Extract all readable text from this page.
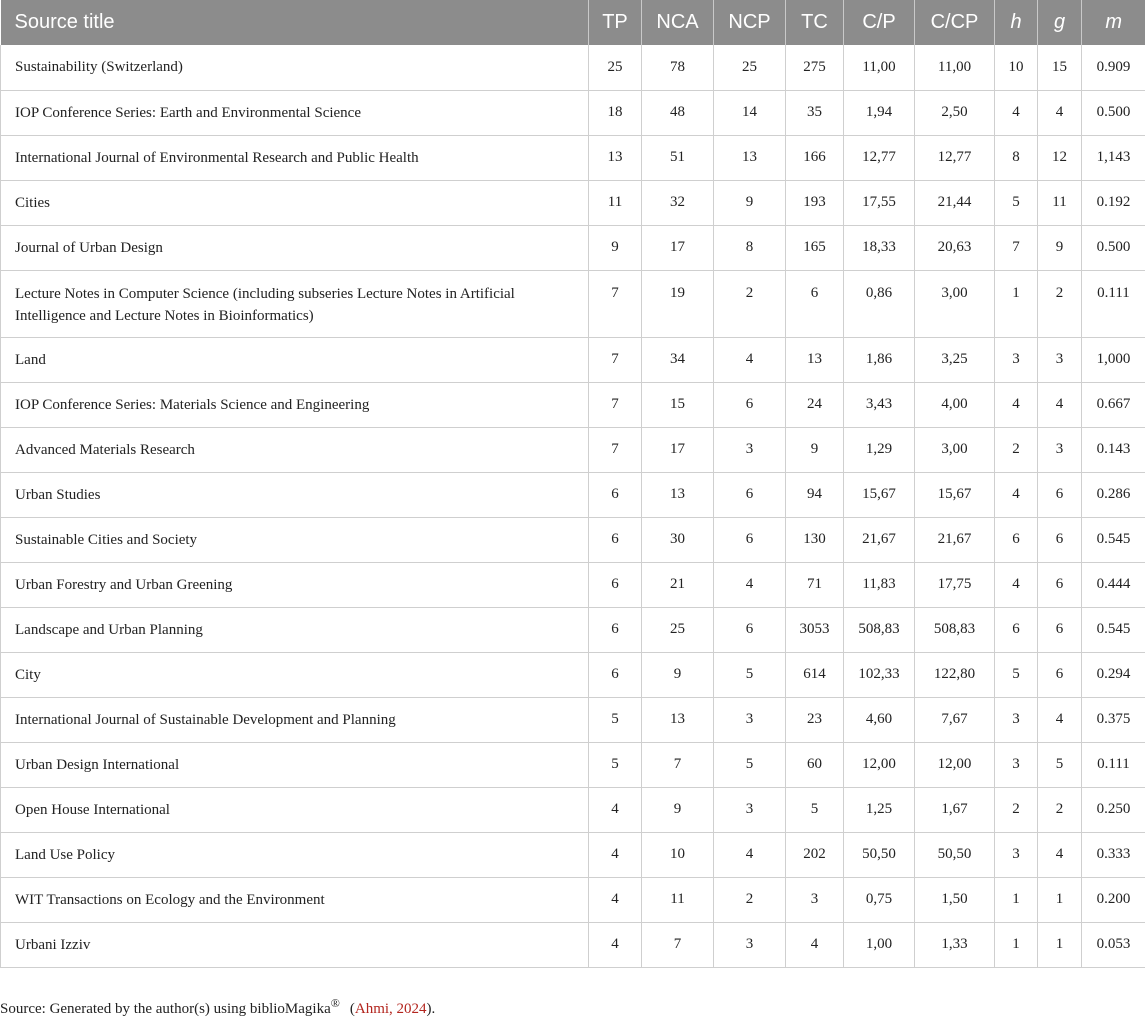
Source title	TP	NCA	NCP	TC	C/P	C/CP	h	g	m
Sustainability (Switzerland)	25	78	25	275	11,00	11,00	10	15	0.909
IOP Conference Series: Earth and Environmental Science	18	48	14	35	1,94	2,50	4	4	0.500
International Journal of Environmental Research and Public Health	13	51	13	166	12,77	12,77	8	12	1,143
Cities	11	32	9	193	17,55	21,44	5	11	0.192
Journal of Urban Design	9	17	8	165	18,33	20,63	7	9	0.500
Lecture Notes in Computer Science (including subseries Lecture Notes in Artificial Intelligence and Lecture Notes in Bioinformatics)	7	19	2	6	0,86	3,00	1	2	0.111
Land	7	34	4	13	1,86	3,25	3	3	1,000
IOP Conference Series: Materials Science and Engineering	7	15	6	24	3,43	4,00	4	4	0.667
Advanced Materials Research	7	17	3	9	1,29	3,00	2	3	0.143
Urban Studies	6	13	6	94	15,67	15,67	4	6	0.286
Sustainable Cities and Society	6	30	6	130	21,67	21,67	6	6	0.545
Urban Forestry and Urban Greening	6	21	4	71	11,83	17,75	4	6	0.444
Landscape and Urban Planning	6	25	6	3053	508,83	508,83	6	6	0.545
City	6	9	5	614	102,33	122,80	5	6	0.294
International Journal of Sustainable Development and Planning	5	13	3	23	4,60	7,67	3	4	0.375
Urban Design International	5	7	5	60	12,00	12,00	3	5	0.111
Open House International	4	9	3	5	1,25	1,67	2	2	0.250
Land Use Policy	4	10	4	202	50,50	50,50	3	4	0.333
WIT Transactions on Ecology and the Environment	4	11	2	3	0,75	1,50	1	1	0.200
Urbani Izziv	4	7	3	4	1,00	1,33	1	1	0.053
Source: Generated by the author(s) using biblioMagika® (Ahmi, 2024).
